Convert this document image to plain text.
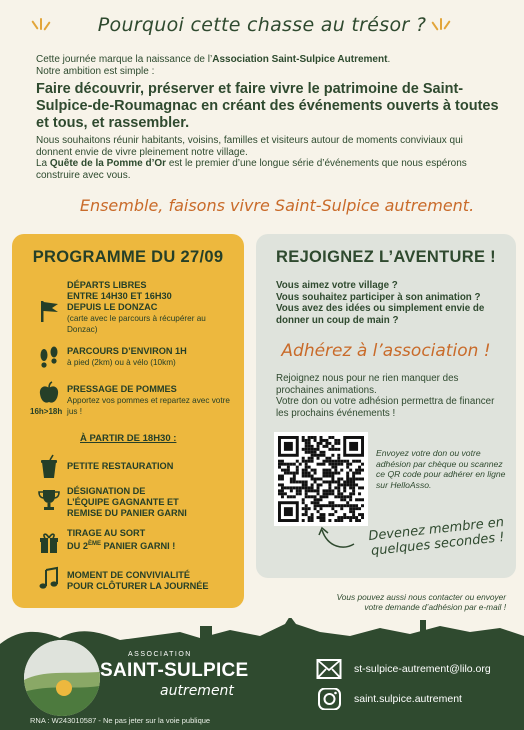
Pourquoi cette chasse au trésor ?
Cette journée marque la naissance de l’Association Saint-Sulpice Autrement.
Notre ambition est simple :
Faire découvrir, préserver et faire vivre le patrimoine de Saint-Sulpice-de-Roumagnac en créant des événements ouverts à toutes et tous, et rassembler.
Nous souhaitons réunir habitants, voisins, familles et visiteurs autour de moments conviviaux qui donnent envie de vivre pleinement notre village.
La Quête de la Pomme d’Or est le premier d’une longue série d’événements que nous espérons construire avec vous.
Ensemble, faisons vivre Saint-Sulpice autrement.
PROGRAMME DU 27/09
DÉPARTS LIBRES
ENTRE 14H30 ET 16H30
DEPUIS LE DONZAC
(carte avec le parcours à récupérer au Donzac)
PARCOURS D’ENVIRON 1H
à pied (2km) ou à vélo (10km)
16h>18h
PRESSAGE DE POMMES
Apportez vos pommes et repartez avec votre jus !
À PARTIR DE 18H30 :
PETITE RESTAURATION
DÉSIGNATION DE
L’ÉQUIPE GAGNANTE ET
REMISE DU PANIER GARNI
TIRAGE AU SORT
DU 2ÈME PANIER GARNI !
MOMENT DE CONVIVIALITÉ
POUR CLÔTURER LA JOURNÉE
REJOIGNEZ L’AVENTURE !
Vous aimez votre village ?
Vous souhaitez participer à son animation ?
Vous avez des idées ou simplement envie de donner un coup de main ?
Adhérez à l’association !
Rejoignez nous pour ne rien manquer des prochaines animations.
Votre don ou votre adhésion permettra de financer les prochains événements !
Envoyez votre don ou votre adhésion par chèque ou scannez ce QR code pour adhérer en ligne sur HelloAsso.
Devenez membre en quelques secondes !
Vous pouvez aussi nous contacter ou envoyer votre demande d’adhésion par e-mail !
ASSOCIATION
SAINT-SULPICE
autrement
st-sulpice-autrement@lilo.org
saint.sulpice.autrement
RNA : W243010587 - Ne pas jeter sur la voie publique
